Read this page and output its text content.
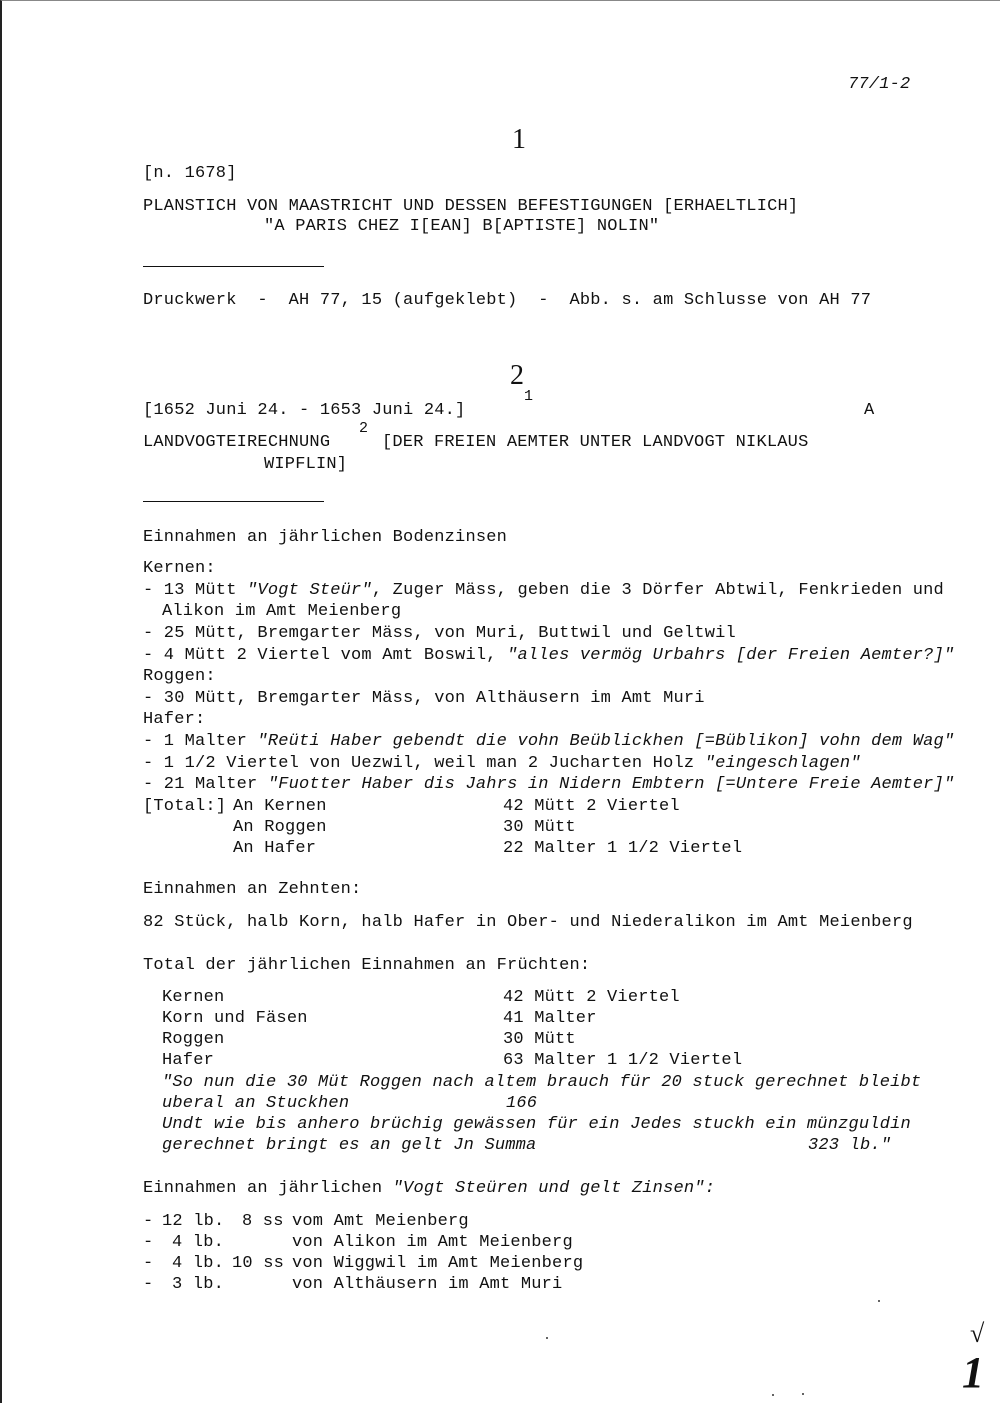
77/1-2
1
[n. 1678]
PLANSTICH VON MAASTRICHT UND DESSEN BEFESTIGUNGEN [ERHAELTLICH]
"A PARIS CHEZ I[EAN] B[APTISTE] NOLIN"
Druckwerk  -  AH 77, 15 (aufgeklebt)  -  Abb. s. am Schlusse von AH 77
2
[1652 Juni 24. - 1653 Juni 24.]
1
A
LANDVOGTEIRECHNUNG
2
[DER FREIEN AEMTER UNTER LANDVOGT NIKLAUS
WIPFLIN]
Einnahmen an jährlichen Bodenzinsen
Kernen:
- 13 Mütt "Vogt Steür", Zuger Mäss, geben die 3 Dörfer Abtwil, Fenkrieden und
Alikon im Amt Meienberg
- 25 Mütt, Bremgarter Mäss, von Muri, Buttwil und Geltwil
- 4 Mütt 2 Viertel vom Amt Boswil, "alles vermög Urbahrs [der Freien Aemter?]"
Roggen:
- 30 Mütt, Bremgarter Mäss, von Althäusern im Amt Muri
Hafer:
- 1 Malter "Reüti Haber gebendt die vohn Beüblickhen [=Büblikon] vohn dem Wag"
- 1 1/2 Viertel von Uezwil, weil man 2 Jucharten Holz "eingeschlagen"
- 21 Malter "Fuotter Haber dis Jahrs in Nidern Embtern [=Untere Freie Aemter]"
[Total:] An Kernen	42 Mütt 2 Viertel
An Roggen	30 Mütt
An Hafer	22 Malter 1 1/2 Viertel
Einnahmen an Zehnten:
82 Stück, halb Korn, halb Hafer in Ober- und Niederalikon im Amt Meienberg
Total der jährlichen Einnahmen an Früchten:
Kernen	42 Mütt 2 Viertel
Korn und Fäsen	41 Malter
Roggen	30 Mütt
Hafer	63 Malter 1 1/2 Viertel
"So nun die 30 Müt Roggen nach altem brauch für 20 stuck gerechnet bleibt
uberal an Stuckhen	166
Undt wie bis anhero brüchig gewässen für ein Jedes stuckh ein münzguldin
gerechnet bringt es an gelt Jn Summa	323 lb."
Einnahmen an jährlichen "Vogt Steüren und gelt Zinsen":
- 12 lb. 8 ss vom Amt Meienberg
- 4 lb.	von Alikon im Amt Meienberg
- 4 lb. 10 ss von Wiggwil im Amt Meienberg
- 3 lb.	von Althäusern im Amt Muri
√
1
